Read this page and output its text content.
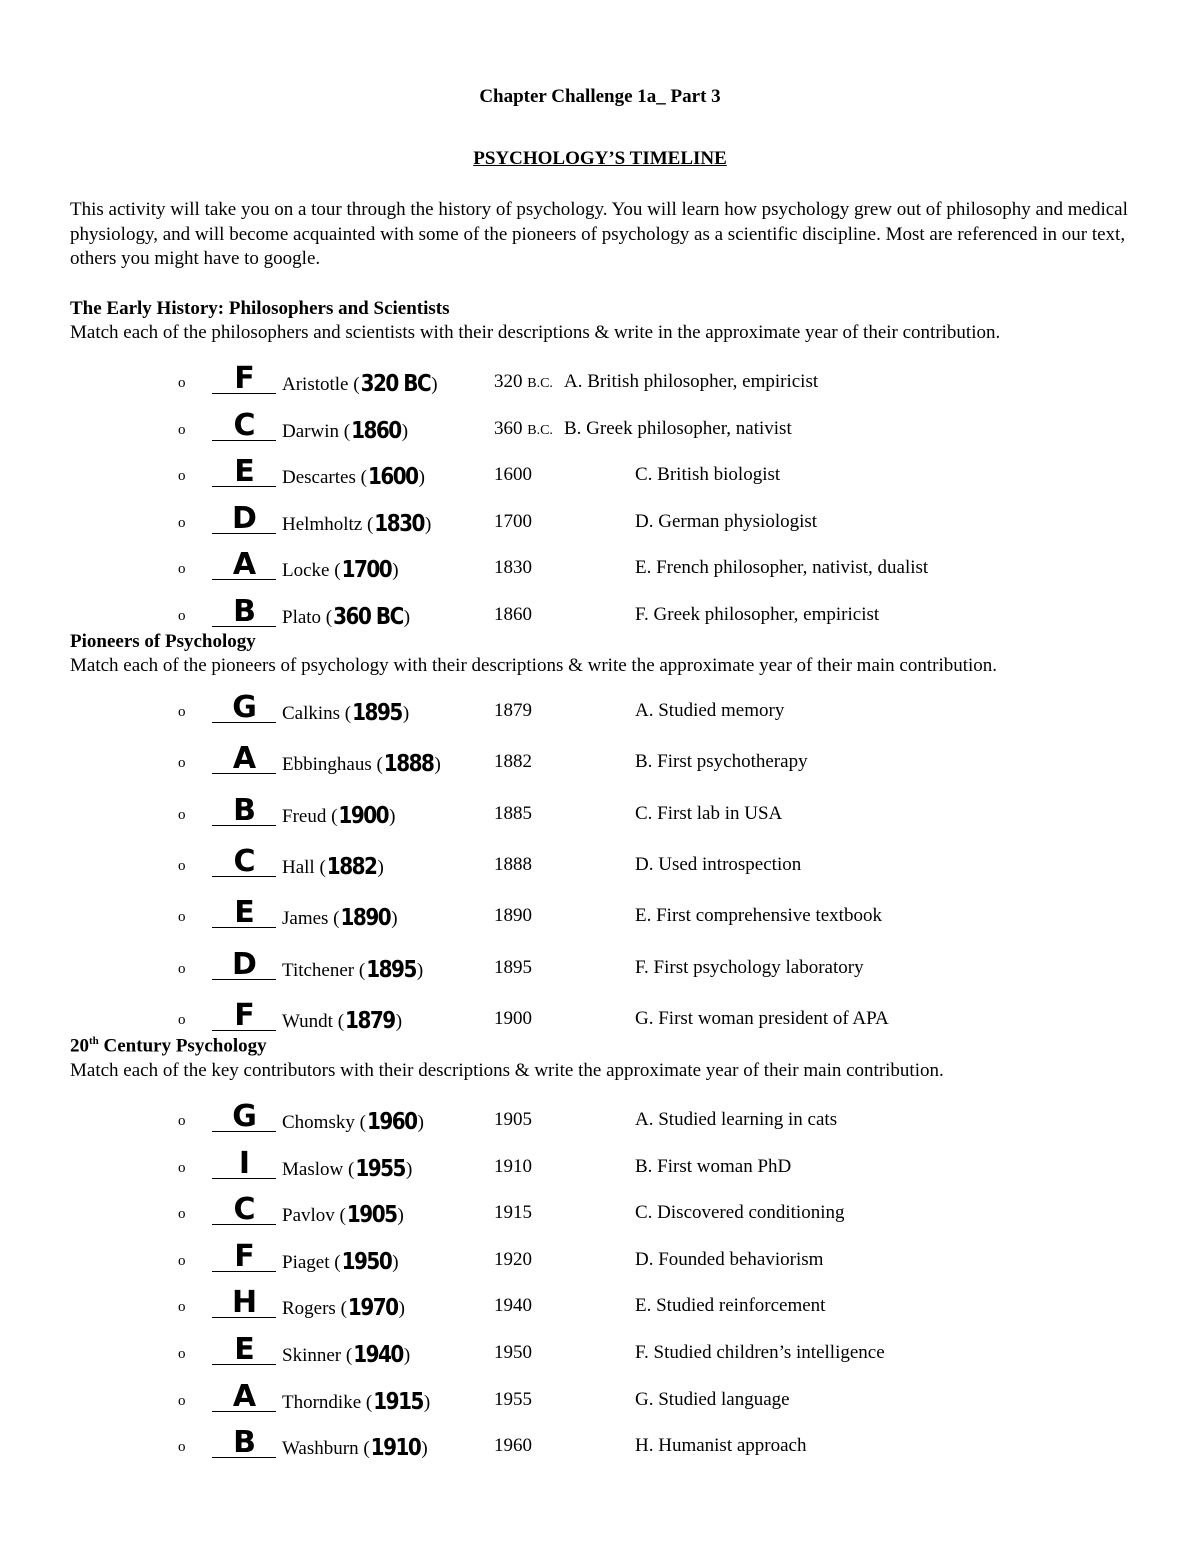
Chapter Challenge 1a_ Part 3
PSYCHOLOGY’S TIMELINE
This activity will take you on a tour through the history of psychology. You will learn how psychology grew out of philosophy and medical physiology, and will become acquainted with some of the pioneers of psychology as a scientific discipline. Most are referenced in our text, others you might have to google.
The Early History: Philosophers and Scientists
Match each of the philosophers and scientists with their descriptions & write in the approximate year of their contribution.
o	F	Aristotle (320 BC)	320 B.C. A. British philosopher, empiricist
o	C	Darwin (1860)	360 B.C. B. Greek philosopher, nativist
o	E	Descartes (1600)	1600	C. British biologist
o	D	Helmholtz (1830)	1700	D. German physiologist
o	A	Locke (1700)	1830	E. French philosopher, nativist, dualist
o	B	Plato (360 BC)	1860	F. Greek philosopher, empiricist
Pioneers of Psychology
Match each of the pioneers of psychology with their descriptions & write the approximate year of their main contribution.
o	G	Calkins (1895)	1879	A. Studied memory
o	A	Ebbinghaus (1888)	1882	B. First psychotherapy
o	B	Freud (1900)	1885	C. First lab in USA
o	C	Hall (1882)	1888	D. Used introspection
o	E	James (1890)	1890	E. First comprehensive textbook
o	D	Titchener (1895)	1895	F. First psychology laboratory
o	F	Wundt (1879)	1900	G. First woman president of APA
20th Century Psychology
Match each of the key contributors with their descriptions & write the approximate year of their main contribution.
o	G	Chomsky (1960)	1905	A. Studied learning in cats
o	I	Maslow (1955)	1910	B. First woman PhD
o	C	Pavlov (1905)	1915	C. Discovered conditioning
o	F	Piaget (1950)	1920	D. Founded behaviorism
o	H	Rogers (1970)	1940	E. Studied reinforcement
o	E	Skinner (1940)	1950	F. Studied children’s intelligence
o	A	Thorndike (1915)	1955	G. Studied language
o	B	Washburn (1910)	1960	H. Humanist approach
